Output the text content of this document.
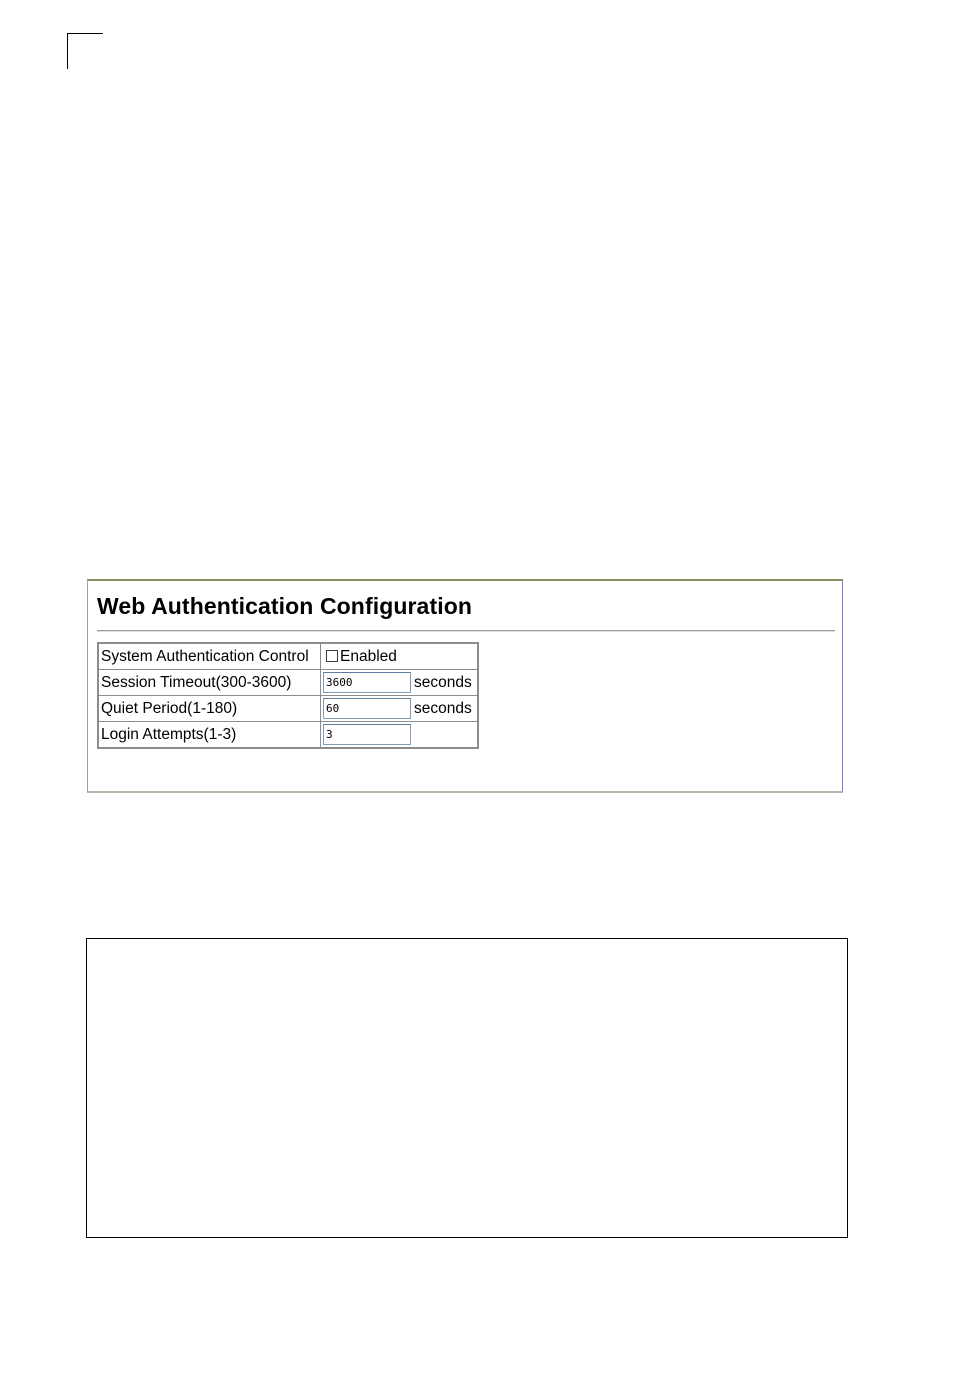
Web Authentication Configuration
System Authentication Control	Enabled
Session Timeout(300-3600)	3600 seconds
Quiet Period(1-180)	60 seconds
Login Attempts(1-3)	3
